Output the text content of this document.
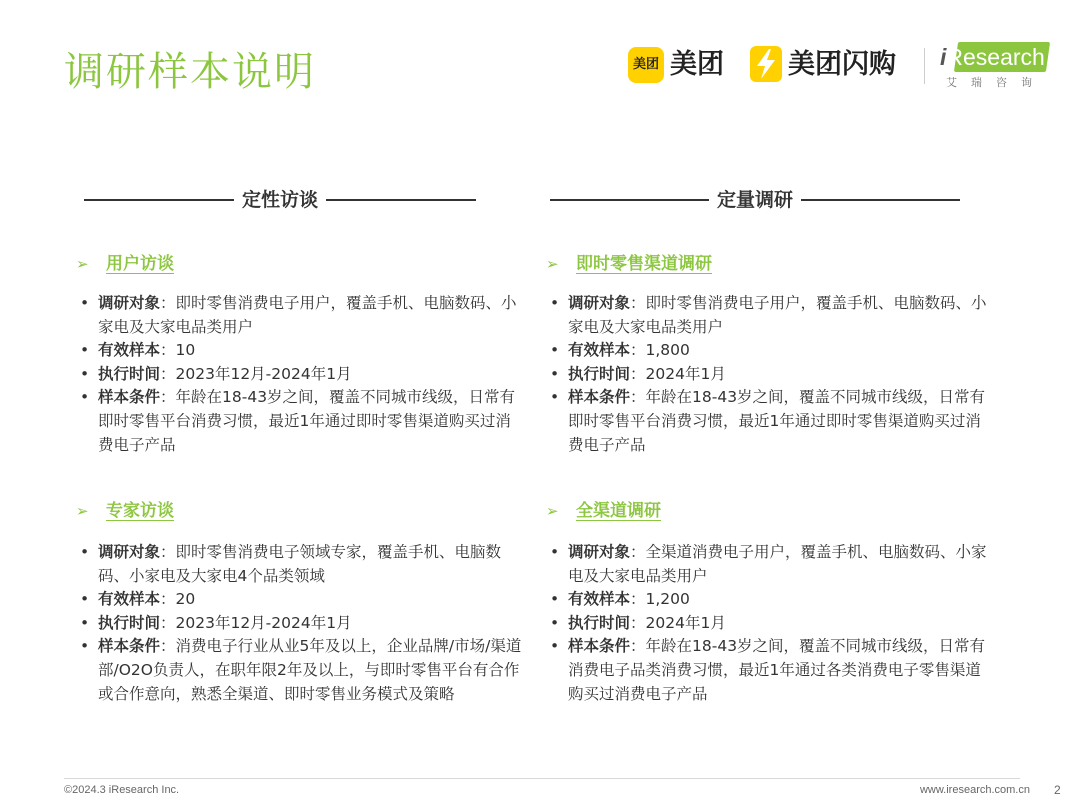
调研样本说明	美团 美团 美团闪购 iResearch
艾瑞咨询
定性访谈	定量调研
➢ 用户访谈
• 调研对象：即时零售消费电子用户，覆盖手机、电脑数码、小家电及大家电品类用户
• 有效样本：10
• 执行时间：2023年12月-2024年1月
• 样本条件：年龄在18-43岁之间，覆盖不同城市线级，日常有即时零售平台消费习惯，最近1年通过即时零售渠道购买过消费电子产品
➢ 专家访谈
• 调研对象：即时零售消费电子领域专家，覆盖手机、电脑数码、小家电及大家电4个品类领域
• 有效样本：20
• 执行时间：2023年12月-2024年1月
• 样本条件：消费电子行业从业5年及以上，企业品牌/市场/渠道部/O2O负责人，在职年限2年及以上，与即时零售平台有合作或合作意向，熟悉全渠道、即时零售业务模式及策略
➢ 即时零售渠道调研
• 调研对象：即时零售消费电子用户，覆盖手机、电脑数码、小家电及大家电品类用户
• 有效样本：1,800
• 执行时间：2024年1月
• 样本条件：年龄在18-43岁之间，覆盖不同城市线级，日常有即时零售平台消费习惯，最近1年通过即时零售渠道购买过消费电子产品
➢ 全渠道调研
• 调研对象：全渠道消费电子用户，覆盖手机、电脑数码、小家电及大家电品类用户
• 有效样本：1,200
• 执行时间：2024年1月
• 样本条件：年龄在18-43岁之间，覆盖不同城市线级，日常有消费电子品类消费习惯，最近1年通过各类消费电子零售渠道购买过消费电子产品
©2024.3 iResearch Inc.	www.iresearch.com.cn 2
